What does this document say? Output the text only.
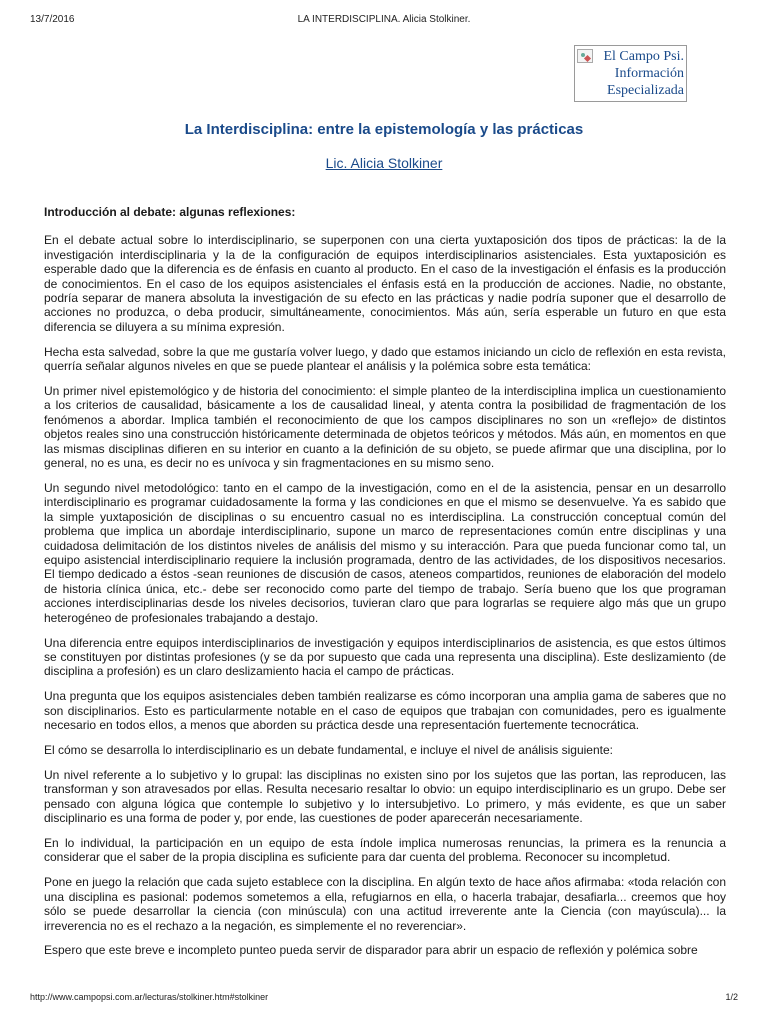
13/7/2016	LA INTERDISCIPLINA. Alicia Stolkiner.
El Campo Psi. Información Especializada
La Interdisciplina: entre la epistemología y las prácticas
Lic. Alicia Stolkiner
Introducción al debate: algunas reflexiones:

En el debate actual sobre lo interdisciplinario, se superponen con una cierta yuxtaposición dos tipos de prácticas: la de la investigación interdisciplinaria y la de la configuración de equipos interdisciplinarios asistenciales. Esta yuxtaposición es esperable dado que la diferencia es de énfasis en cuanto al producto. En el caso de la investigación el énfasis es la producción de conocimientos. En el caso de los equipos asistenciales el énfasis está en la producción de acciones. Nadie, no obstante, podría separar de manera absoluta la investigación de su efecto en las prácticas y nadie podría suponer que el desarrollo de acciones no produzca, o deba producir, simultáneamente, conocimientos. Más aún, sería esperable un futuro en que esta diferencia se diluyera a su mínima expresión.

Hecha esta salvedad, sobre la que me gustaría volver luego, y dado que estamos iniciando un ciclo de reflexión en esta revista, querría señalar algunos niveles en que se puede plantear el análisis y la polémica sobre esta temática:

Un primer nivel epistemológico y de historia del conocimiento: el simple planteo de la interdisciplina implica un cuestionamiento a los criterios de causalidad, básicamente a los de causalidad lineal, y atenta contra la posibilidad de fragmentación de los fenómenos a abordar. Implica también el reconocimiento de que los campos disciplinares no son un «reflejo» de distintos objetos reales sino una construcción históricamente determinada de objetos teóricos y métodos. Más aún, en momentos en que las mismas disciplinas difieren en su interior en cuanto a la definición de su objeto, se puede afirmar que una disciplina, por lo general, no es una, es decir no es unívoca y sin fragmentaciones en su mismo seno.

Un segundo nivel metodológico: tanto en el campo de la investigación, como en el de la asistencia, pensar en un desarrollo interdisciplinario es programar cuidadosamente la forma y las condiciones en que el mismo se desenvuelve. Ya es sabido que la simple yuxtaposición de disciplinas o su encuentro casual no es interdisciplina. La construcción conceptual común del problema que implica un abordaje interdisciplinario, supone un marco de representaciones común entre disciplinas y una cuidadosa delimitación de los distintos niveles de análisis del mismo y su interacción. Para que pueda funcionar como tal, un equipo asistencial interdisciplinario requiere la inclusión programada, dentro de las actividades, de los dispositivos necesarios. El tiempo dedicado a éstos -sean reuniones de discusión de casos, ateneos compartidos, reuniones de elaboración del modelo de historia clínica única, etc.- debe ser reconocido como parte del tiempo de trabajo. Sería bueno que los que programan acciones interdisciplinarias desde los niveles decisorios, tuvieran claro que para lograrlas se requiere algo más que un grupo heterogéneo de profesionales trabajando a destajo.

Una diferencia entre equipos interdisciplinarios de investigación y equipos interdisciplinarios de asistencia, es que estos últimos se constituyen por distintas profesiones (y se da por supuesto que cada una representa una disciplina). Este deslizamiento (de disciplina a profesión) es un claro deslizamiento hacia el campo de prácticas.

Una pregunta que los equipos asistenciales deben también realizarse es cómo incorporan una amplia gama de saberes que no son disciplinarios. Esto es particularmente notable en el caso de equipos que trabajan con comunidades, pero es igualmente necesario en todos ellos, a menos que aborden su práctica desde una representación fuertemente tecnocrática.

El cómo se desarrolla lo interdisciplinario es un debate fundamental, e incluye el nivel de análisis siguiente:

Un nivel referente a lo subjetivo y lo grupal: las disciplinas no existen sino por los sujetos que las portan, las reproducen, las transforman y son atravesados por ellas. Resulta necesario resaltar lo obvio: un equipo interdisciplinario es un grupo. Debe ser pensado con alguna lógica que contemple lo subjetivo y lo intersubjetivo. Lo primero, y más evidente, es que un saber disciplinario es una forma de poder y, por ende, las cuestiones de poder aparecerán necesariamente.

En lo individual, la participación en un equipo de esta índole implica numerosas renuncias, la primera es la renuncia a considerar que el saber de la propia disciplina es suficiente para dar cuenta del problema. Reconocer su incompletud.

Pone en juego la relación que cada sujeto establece con la disciplina. En algún texto de hace años afirmaba: «toda relación con una disciplina es pasional: podemos sometemos a ella, refugiarnos en ella, o hacerla trabajar, desafiarla... creemos que hoy sólo se puede desarrollar la ciencia (con minúscula) con una actitud irreverente ante la Ciencia (con mayúscula)... la irreverencia no es el rechazo a la negación, es simplemente el no reverenciar».

Espero que este breve e incompleto punteo pueda servir de disparador para abrir un espacio de reflexión y polémica sobre

http://www.campopsi.com.ar/lecturas/stolkiner.htm#stolkiner	1/2
